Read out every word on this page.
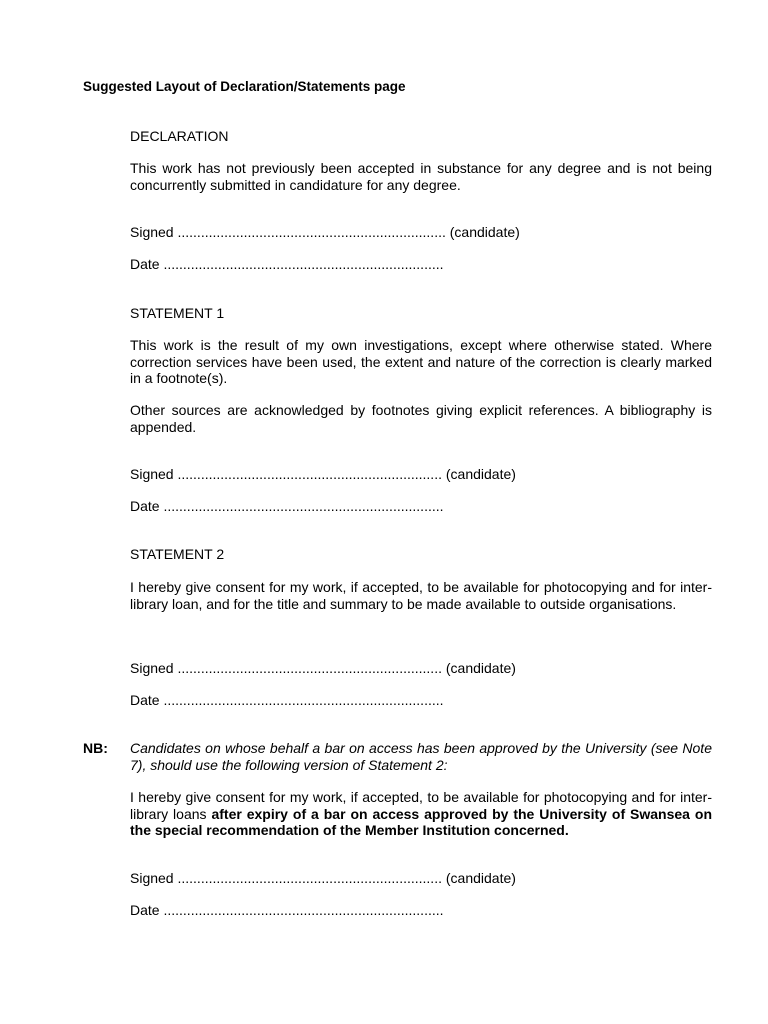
Suggested Layout of Declaration/Statements page
DECLARATION
This work has not previously been accepted in substance for any degree and is not being concurrently submitted in candidature for any degree.
Signed ..................................................................... (candidate)
Date ........................................................................
STATEMENT 1
This work is the result of my own investigations, except where otherwise stated. Where correction services have been used, the extent and nature of the correction is clearly marked in a footnote(s).
Other sources are acknowledged by footnotes giving explicit references. A bibliography is appended.
Signed .................................................................... (candidate)
Date ........................................................................
STATEMENT 2
I hereby give consent for my work, if accepted, to be available for photocopying and for inter-library loan, and for the title and summary to be made available to outside organisations.
Signed .................................................................... (candidate)
Date ........................................................................
NB: Candidates on whose behalf a bar on access has been approved by the University (see Note 7), should use the following version of Statement 2:
I hereby give consent for my work, if accepted, to be available for photocopying and for inter-library loans after expiry of a bar on access approved by the University of Swansea on the special recommendation of the Member Institution concerned.
Signed .................................................................... (candidate)
Date ........................................................................
